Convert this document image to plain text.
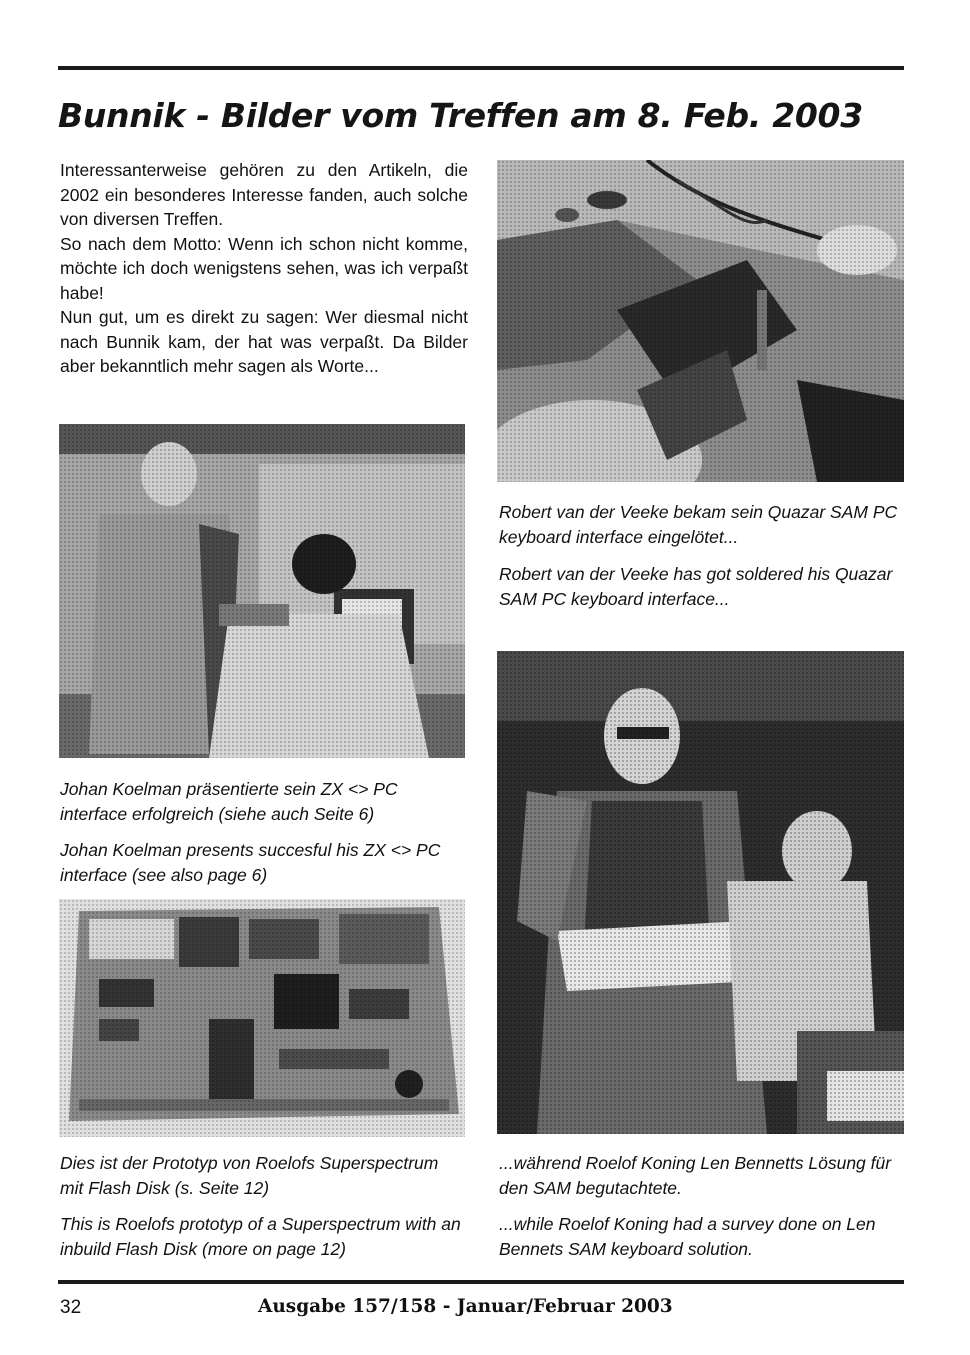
Bunnik - Bilder vom Treffen am 8. Feb. 2003

Interessanterweise gehören zu den Artikeln, die 2002 ein besonderes Interesse fanden, auch solche von diversen Treffen.

So nach dem Motto: Wenn ich schon nicht komme, möchte ich doch wenigstens sehen, was ich verpaßt habe!

Nun gut, um es direkt zu sagen: Wer diesmal nicht nach Bunnik kam, der hat was verpaßt. Da Bilder aber bekanntlich mehr sagen als Worte...

Robert van der Veeke bekam sein Quazar SAM PC keyboard interface eingelötet...

Robert van der Veeke has got soldered his Quazar SAM PC keyboard interface...

Johan Koelman präsentierte sein ZX <> PC interface erfolgreich (siehe auch Seite 6)

Johan Koelman presents succesful his ZX <> PC interface (see also page 6)

...während Roelof Koning Len Bennetts Lösung für den SAM begutachtete.

...while Roelof Koning had a survey done on Len Bennets SAM keyboard solution.

Dies ist der Prototyp von Roelofs Superspectrum mit Flash Disk (s. Seite 12)

This is Roelofs prototyp of a Superspectrum with an inbuild Flash Disk (more on page 12)

32	Ausgabe 157/158 - Januar/Februar 2003
